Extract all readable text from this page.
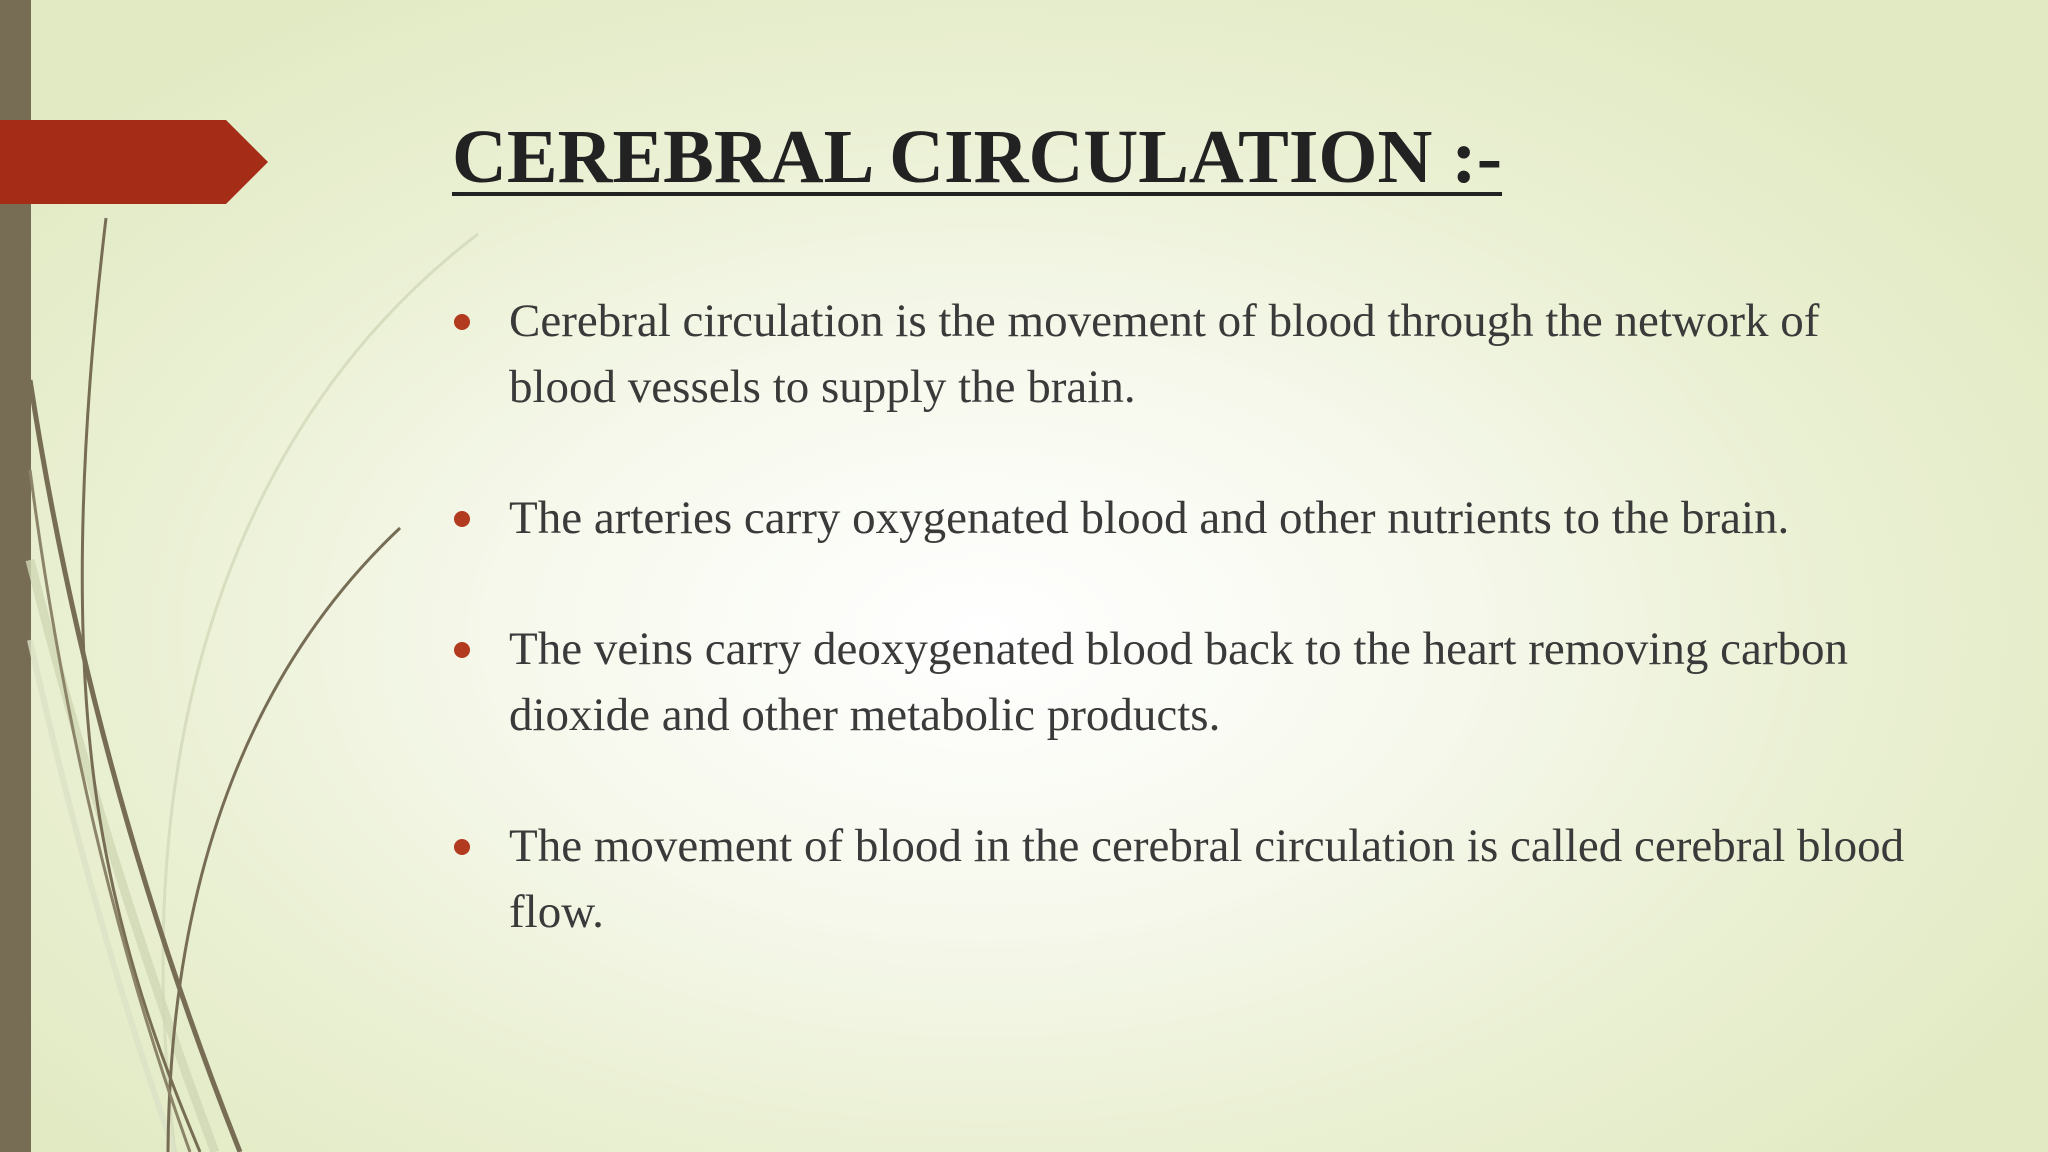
CEREBRAL CIRCULATION :-
Cerebral circulation is the movement of blood through the network of blood vessels to supply the brain.
The arteries carry oxygenated blood and other nutrients to the brain.
The veins carry deoxygenated blood back to the heart removing carbon dioxide and other metabolic products.
The movement of blood in the cerebral circulation is called cerebral blood flow.
